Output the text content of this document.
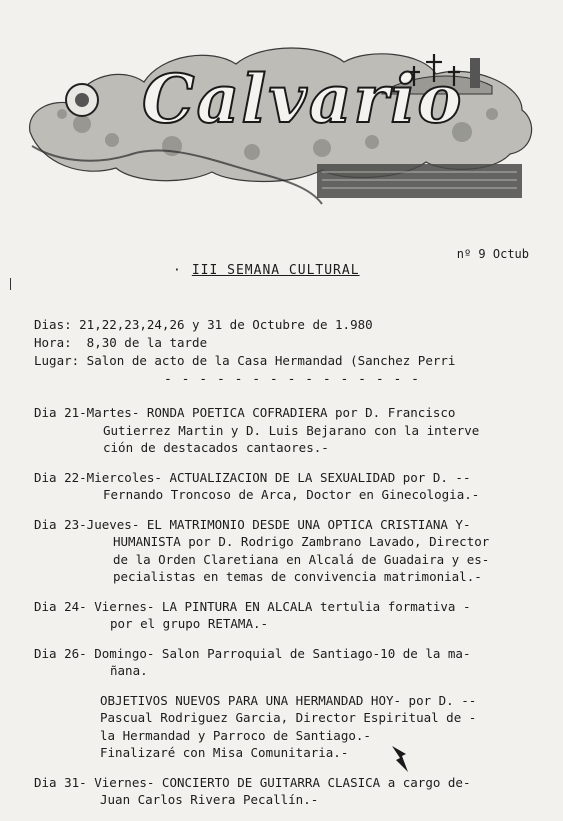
Calvario
nº 9 Octub
· III SEMANA CULTURAL
Dias: 21,22,23,24,26 y 31 de Octubre de 1.980
Hora:  8,30 de la tarde
Lugar: Salon de acto de la Casa Hermandad (Sanchez Perri
- - - - - - - - - - - - - - -
Dia 21-Martes- RONDA POETICA COFRADIERA por D. Francisco
Gutierrez Martin y D. Luis Bejarano con la interve
ción de destacados cantaores.-
Dia 22-Miercoles- ACTUALIZACION DE LA SEXUALIDAD por D. --
Fernando Troncoso de Arca, Doctor en Ginecologia.-
Dia 23-Jueves- EL MATRIMONIO DESDE UNA OPTICA CRISTIANA Y-
HUMANISTA por D. Rodrigo Zambrano Lavado, Director
de la Orden Claretiana en Alcalá de Guadaira y es-
pecialistas en temas de convivencia matrimonial.-
Dia 24- Viernes- LA PINTURA EN ALCALA tertulia formativa -
por el grupo RETAMA.-
Dia 26- Domingo- Salon Parroquial de Santiago-10 de la ma-
ñana.
OBJETIVOS NUEVOS PARA UNA HERMANDAD HOY- por D. --
Pascual Rodriguez Garcia, Director Espiritual de -
la Hermandad y Parroco de Santiago.-
Finalizaré con Misa Comunitaria.-
Dia 31- Viernes- CONCIERTO DE GUITARRA CLASICA a cargo de-
Juan Carlos Rivera Pecallín.-
